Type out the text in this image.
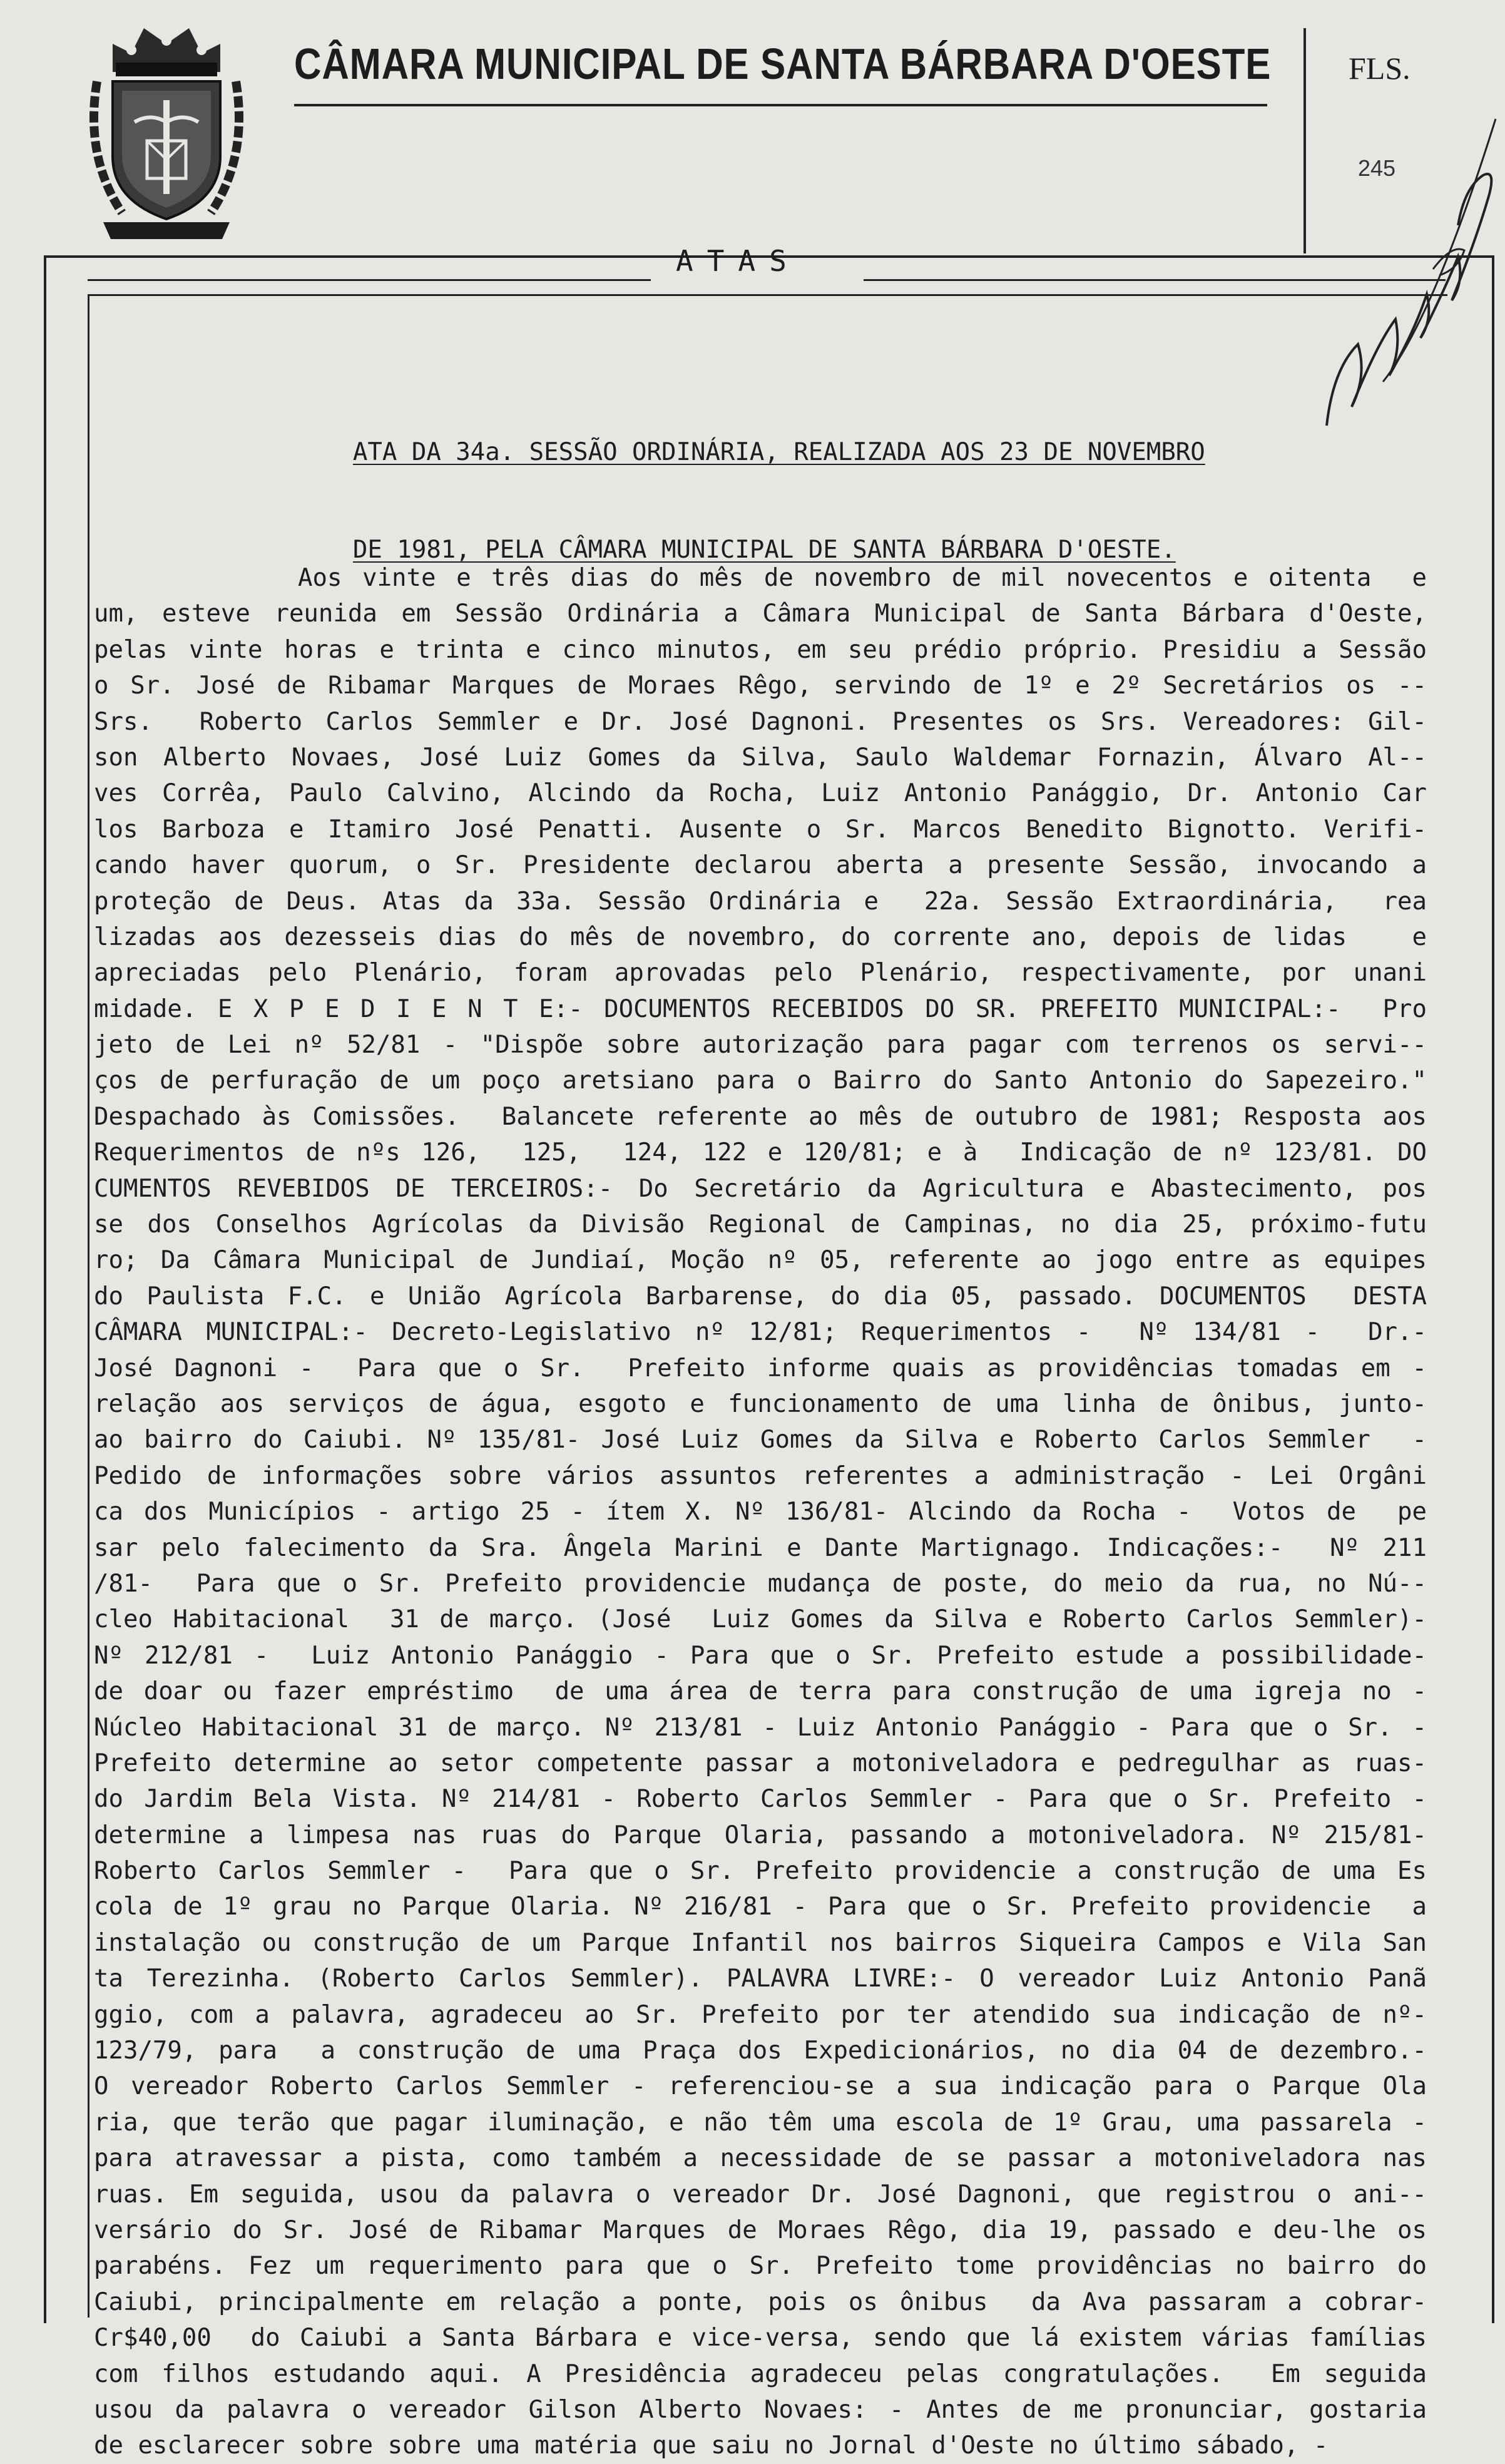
CÂMARA MUNICIPAL DE SANTA BÁRBARA D'OESTE FLS.
245
ATAS

ATA DA 34a. SESSÃO ORDINÁRIA, REALIZADA AOS 23 DE NOVEMBRO

DE 1981, PELA CÂMARA MUNICIPAL DE SANTA BÁRBARA D'OESTE.

Aos vinte e três dias do mês de novembro de mil novecentos e oitenta  e
um, esteve reunida em Sessão Ordinária a Câmara Municipal de Santa Bárbara d'Oeste,
pelas vinte horas e trinta e cinco minutos, em seu prédio próprio. Presidiu a Sessão
o Sr. José de Ribamar Marques de Moraes Rêgo, servindo de 1º e 2º Secretários os --
Srs.  Roberto Carlos Semmler e Dr. José Dagnoni. Presentes os Srs. Vereadores: Gil-
son Alberto Novaes, José Luiz Gomes da Silva, Saulo Waldemar Fornazin, Álvaro Al--
ves Corrêa, Paulo Calvino, Alcindo da Rocha, Luiz Antonio Panággio, Dr. Antonio Car
los Barboza e Itamiro José Penatti. Ausente o Sr. Marcos Benedito Bignotto. Verifi-
cando haver quorum, o Sr. Presidente declarou aberta a presente Sessão, invocando a
proteção de Deus. Atas da 33a. Sessão Ordinária e  22a. Sessão Extraordinária,  rea
lizadas aos dezesseis dias do mês de novembro, do corrente ano, depois de lidas   e
apreciadas pelo Plenário, foram aprovadas pelo Plenário, respectivamente, por unani
midade. E X P E D I E N T E:- DOCUMENTOS RECEBIDOS DO SR. PREFEITO MUNICIPAL:-  Pro
jeto de Lei nº 52/81 - "Dispõe sobre autorização para pagar com terrenos os servi--
ços de perfuração de um poço aretsiano para o Bairro do Santo Antonio do Sapezeiro."
Despachado às Comissões.  Balancete referente ao mês de outubro de 1981; Resposta aos
Requerimentos de nºs 126,  125,  124, 122 e 120/81; e à  Indicação de nº 123/81. DO
CUMENTOS REVEBIDOS DE TERCEIROS:- Do Secretário da Agricultura e Abastecimento, pos
se dos Conselhos Agrícolas da Divisão Regional de Campinas, no dia 25, próximo-futu
ro; Da Câmara Municipal de Jundiaí, Moção nº 05, referente ao jogo entre as equipes
do Paulista F.C. e União Agrícola Barbarense, do dia 05, passado. DOCUMENTOS  DESTA
CÂMARA MUNICIPAL:- Decreto-Legislativo nº 12/81; Requerimentos -  Nº 134/81 -  Dr.-
José Dagnoni -  Para que o Sr.  Prefeito informe quais as providências tomadas em -
relação aos serviços de água, esgoto e funcionamento de uma linha de ônibus, junto-
ao bairro do Caiubi. Nº 135/81- José Luiz Gomes da Silva e Roberto Carlos Semmler  -
Pedido de informações sobre vários assuntos referentes a administração - Lei Orgâni
ca dos Municípios - artigo 25 - ítem X. Nº 136/81- Alcindo da Rocha -  Votos de  pe
sar pelo falecimento da Sra. Ângela Marini e Dante Martignago. Indicações:-  Nº 211
/81-  Para que o Sr. Prefeito providencie mudança de poste, do meio da rua, no Nú--
cleo Habitacional  31 de março. (José  Luiz Gomes da Silva e Roberto Carlos Semmler)-
Nº 212/81 -  Luiz Antonio Panággio - Para que o Sr. Prefeito estude a possibilidade-
de doar ou fazer empréstimo  de uma área de terra para construção de uma igreja no -
Núcleo Habitacional 31 de março. Nº 213/81 - Luiz Antonio Panággio - Para que o Sr. -
Prefeito determine ao setor competente passar a motoniveladora e pedregulhar as ruas-
do Jardim Bela Vista. Nº 214/81 - Roberto Carlos Semmler - Para que o Sr. Prefeito -
determine a limpesa nas ruas do Parque Olaria, passando a motoniveladora. Nº 215/81-
Roberto Carlos Semmler -  Para que o Sr. Prefeito providencie a construção de uma Es
cola de 1º grau no Parque Olaria. Nº 216/81 - Para que o Sr. Prefeito providencie  a
instalação ou construção de um Parque Infantil nos bairros Siqueira Campos e Vila San
ta Terezinha. (Roberto Carlos Semmler). PALAVRA LIVRE:- O vereador Luiz Antonio Panã
ggio, com a palavra, agradeceu ao Sr. Prefeito por ter atendido sua indicação de nº-
123/79, para  a construção de uma Praça dos Expedicionários, no dia 04 de dezembro.-
O vereador Roberto Carlos Semmler - referenciou-se a sua indicação para o Parque Ola
ria, que terão que pagar iluminação, e não têm uma escola de 1º Grau, uma passarela -
para atravessar a pista, como também a necessidade de se passar a motoniveladora nas
ruas. Em seguida, usou da palavra o vereador Dr. José Dagnoni, que registrou o ani--
versário do Sr. José de Ribamar Marques de Moraes Rêgo, dia 19, passado e deu-lhe os
parabéns. Fez um requerimento para que o Sr. Prefeito tome providências no bairro do
Caiubi, principalmente em relação a ponte, pois os ônibus  da Ava passaram a cobrar-
Cr$40,00  do Caiubi a Santa Bárbara e vice-versa, sendo que lá existem várias famílias
com filhos estudando aqui. A Presidência agradeceu pelas congratulações.  Em seguida
usou da palavra o vereador Gilson Alberto Novaes: - Antes de me pronunciar, gostaria
de esclarecer sobre sobre uma matéria que saiu no Jornal d'Oeste no último sábado, -
